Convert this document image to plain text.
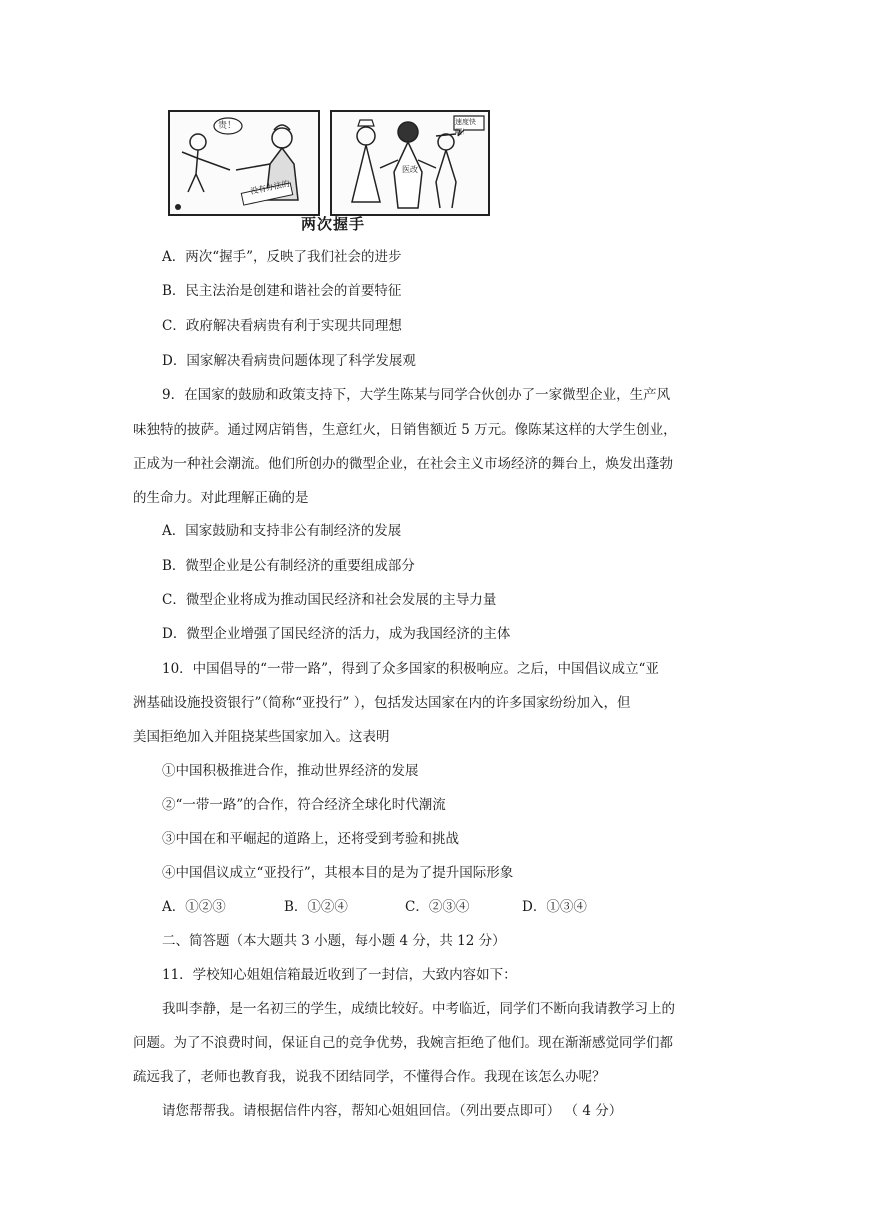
贵！
没有办法的
速度快啊！
医改
两次握手
A．两次“握手”，反映了我们社会的进步
B．民主法治是创建和谐社会的首要特征
C．政府解决看病贵有利于实现共同理想
D．国家解决看病贵问题体现了科学发展观
9．在国家的鼓励和政策支持下，大学生陈某与同学合伙创办了一家微型企业，生产风
味独特的披萨。通过网店销售，生意红火，日销售额近 5 万元。像陈某这样的大学生创业，
正成为一种社会潮流。他们所创办的微型企业，在社会主义市场经济的舞台上，焕发出蓬勃
的生命力。对此理解正确的是
A．国家鼓励和支持非公有制经济的发展
B．微型企业是公有制经济的重要组成部分
C．微型企业将成为推动国民经济和社会发展的主导力量
D．微型企业增强了国民经济的活力，成为我国经济的主体
10．中国倡导的“一带一路”，得到了众多国家的积极响应。之后，中国倡议成立“亚
洲基础设施投资银行”（简称“亚投行” ），包括发达国家在内的许多国家纷纷加入，但
美国拒绝加入并阻挠某些国家加入。这表明
①中国积极推进合作，推动世界经济的发展
②“一带一路”的合作，符合经济全球化时代潮流
③中国在和平崛起的道路上，还将受到考验和挑战
④中国倡议成立“亚投行”，其根本目的是为了提升国际形象
A．①②③	B．①②④	C．②③④	D．①③④
二、简答题（本大题共 3 小题，每小题 4 分，共 12 分）
11．学校知心姐姐信箱最近收到了一封信，大致内容如下：
我叫李静，是一名初三的学生，成绩比较好。中考临近，同学们不断向我请教学习上的
问题。为了不浪费时间，保证自己的竞争优势，我婉言拒绝了他们。现在渐渐感觉同学们都
疏远我了，老师也教育我，说我不团结同学，不懂得合作。我现在该怎么办呢？
请您帮帮我。请根据信件内容，帮知心姐姐回信。（列出要点即可） （ 4 分）
